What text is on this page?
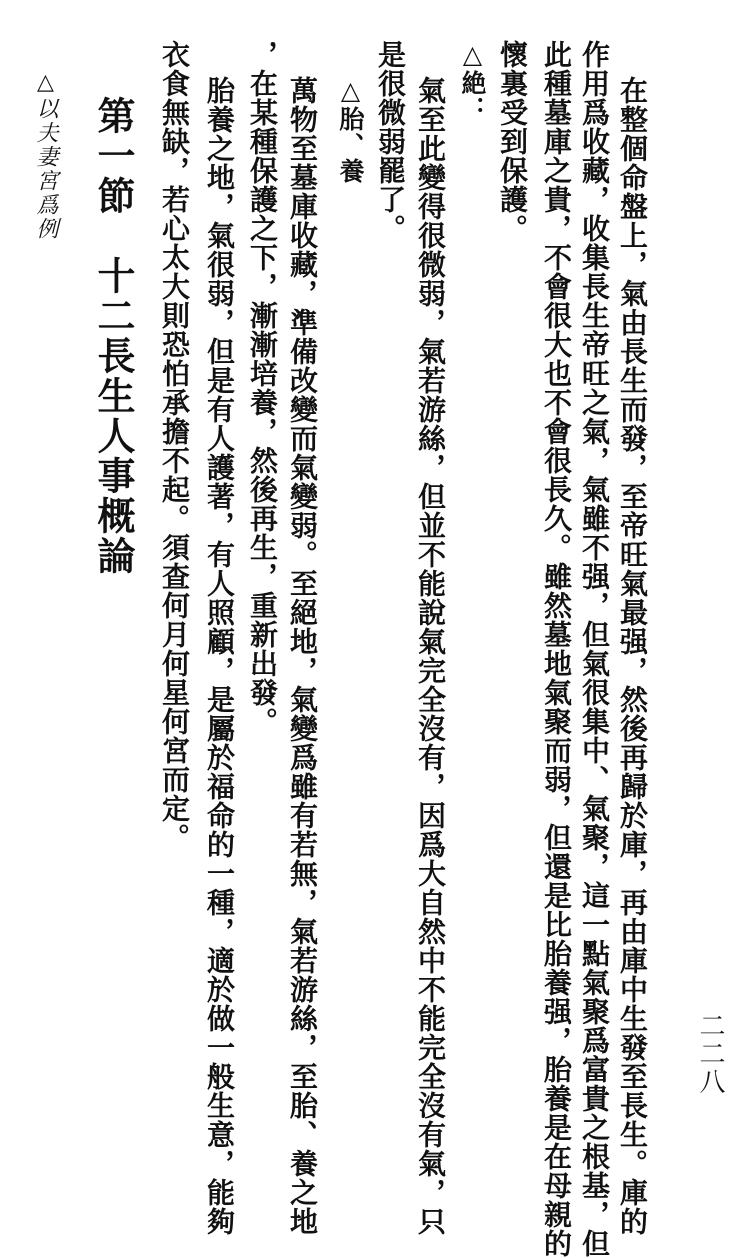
二二八
在整個命盤上，氣由長生而發，至帝旺氣最强，然後再歸於庫，再由庫中生發至長生。庫的
作用爲收藏，收集長生帝旺之氣，氣雖不强，但氣很集中、氣聚，這一點氣聚爲富貴之根基，但
此種墓庫之貴，不會很大也不會很長久。雖然墓地氣聚而弱，但還是比胎養强，胎養是在母親的
懷裏受到保護。
△絶：
氣至此變得很微弱，氣若游絲，但並不能說氣完全沒有，因爲大自然中不能完全沒有氣，只
是很微弱罷了。
△胎、養
萬物至墓庫收藏，準備改變而氣變弱。至絕地，氣變爲雖有若無，氣若游絲，至胎、養之地
，在某種保護之下，漸漸培養，然後再生，重新出發。
胎養之地，氣很弱，但是有人護著，有人照顧，是屬於福命的一種，適於做一般生意，能夠
衣食無缺，若心太大則恐怕承擔不起。須查何月何星何宮而定。
第一節　十二長生人事概論
△以夫妻宮爲例
